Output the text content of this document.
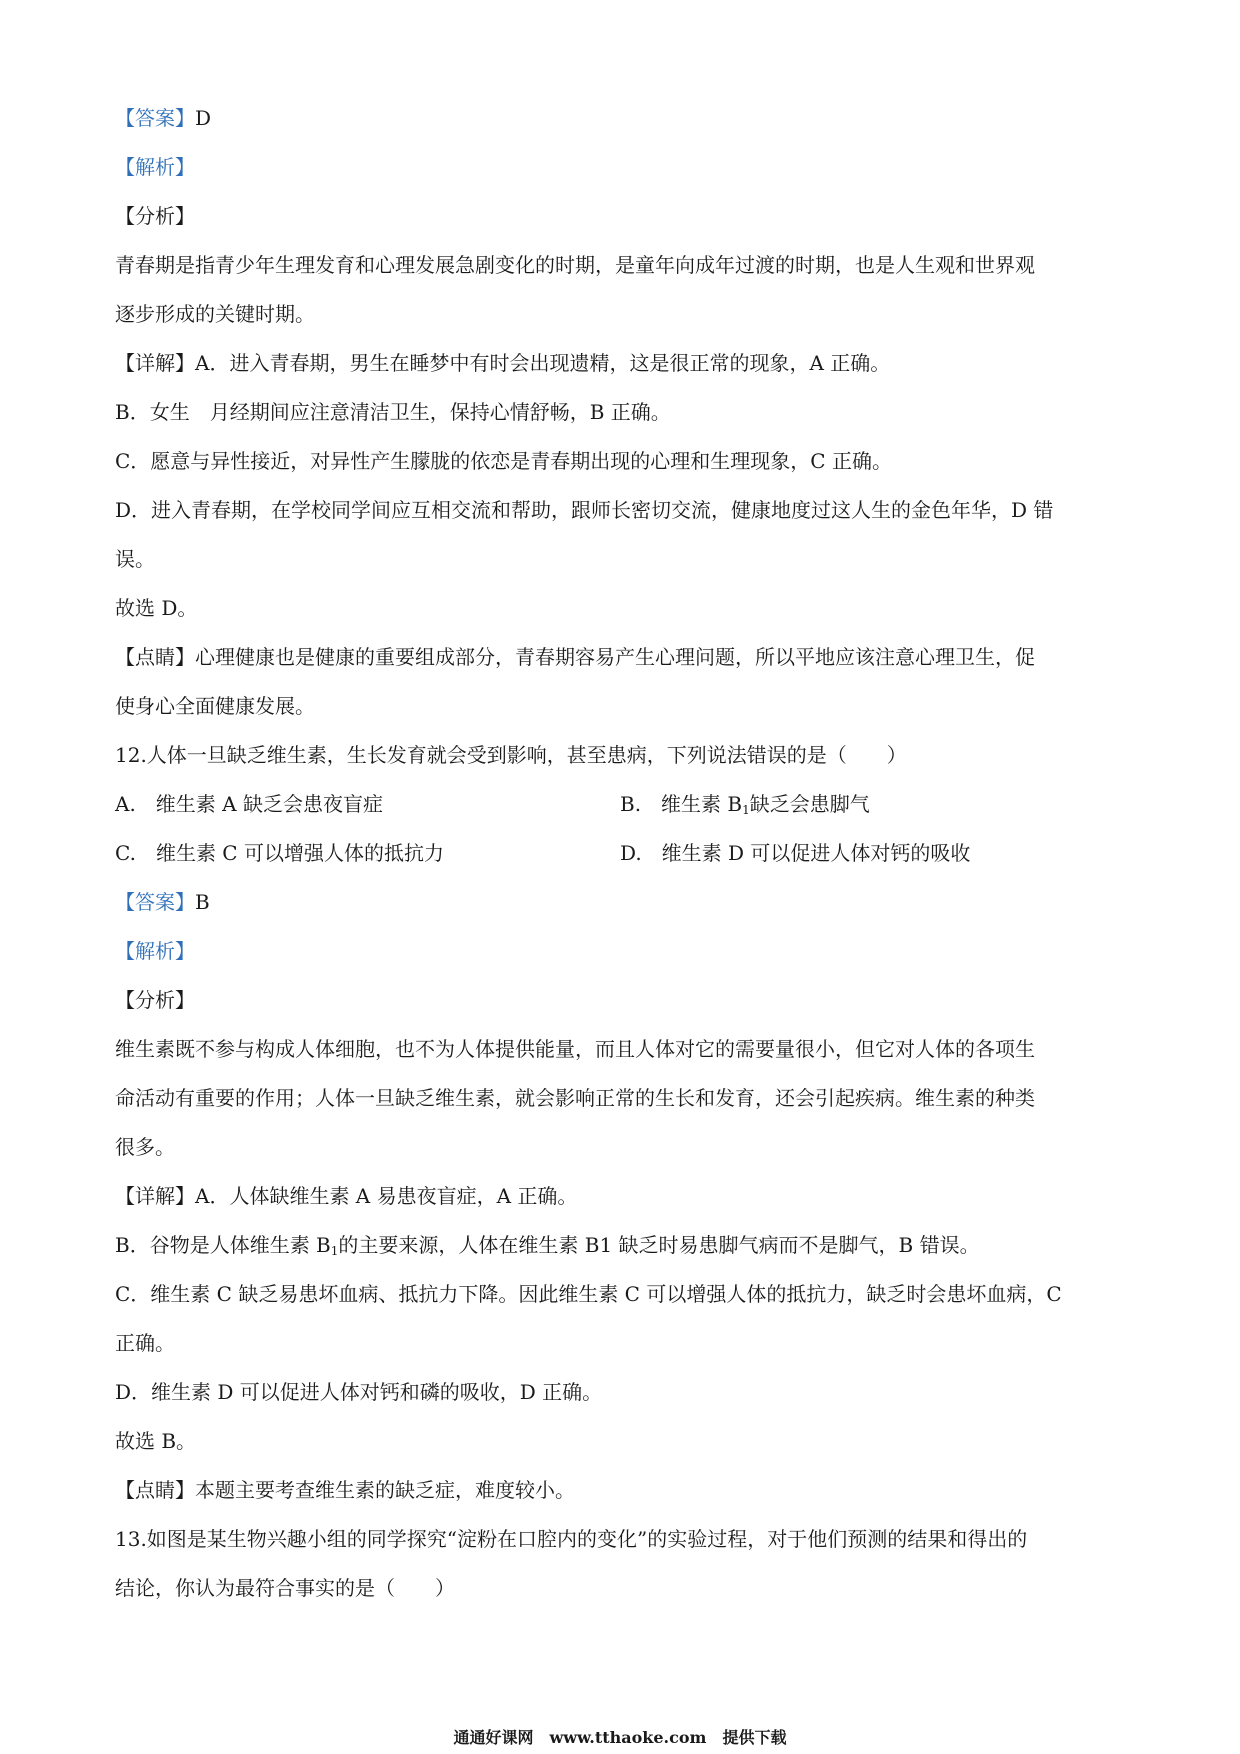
【答案】D
【解析】
【分析】
青春期是指青少年生理发育和心理发展急剧变化的时期，是童年向成年过渡的时期，也是人生观和世界观
逐步形成的关键时期。
【详解】A．进入青春期，男生在睡梦中有时会出现遗精，这是很正常的现象，A 正确。
B．女生　月经期间应注意清洁卫生，保持心情舒畅，B 正确。
C．愿意与异性接近，对异性产生朦胧的依恋是青春期出现的心理和生理现象，C 正确。
D．进入青春期，在学校同学间应互相交流和帮助，跟师长密切交流，健康地度过这人生的金色年华，D 错
误。
故选 D。
【点睛】心理健康也是健康的重要组成部分，青春期容易产生心理问题，所以平地应该注意心理卫生，促
使身心全面健康发展。
12.人体一旦缺乏维生素，生长发育就会受到影响，甚至患病，下列说法错误的是（　　）
A.　维生素 A 缺乏会患夜盲症	B.　维生素 $B_1$缺乏会患脚气
C.　维生素 C 可以增强人体的抵抗力	D.　维生素 D 可以促进人体对钙的吸收
【答案】B
【解析】
【分析】
维生素既不参与构成人体细胞，也不为人体提供能量，而且人体对它的需要量很小，但它对人体的各项生
命活动有重要的作用；人体一旦缺乏维生素，就会影响正常的生长和发育，还会引起疾病。维生素的种类
很多。
【详解】A．人体缺维生素 A 易患夜盲症，A 正确。
B．谷物是人体维生素 $B_1$的主要来源，人体在维生素 B1 缺乏时易患脚气病而不是脚气，B 错误。
C．维生素 C 缺乏易患坏血病、抵抗力下降。因此维生素 C 可以增强人体的抵抗力，缺乏时会患坏血病，C
正确。
D．维生素 D 可以促进人体对钙和磷的吸收，D 正确。
故选 B。
【点睛】本题主要考查维生素的缺乏症，难度较小。
13.如图是某生物兴趣小组的同学探究“淀粉在口腔内的变化”的实验过程，对于他们预测的结果和得出的
结论，你认为最符合事实的是（　　）
通通好课网　www.tthaoke.com　提供下载
